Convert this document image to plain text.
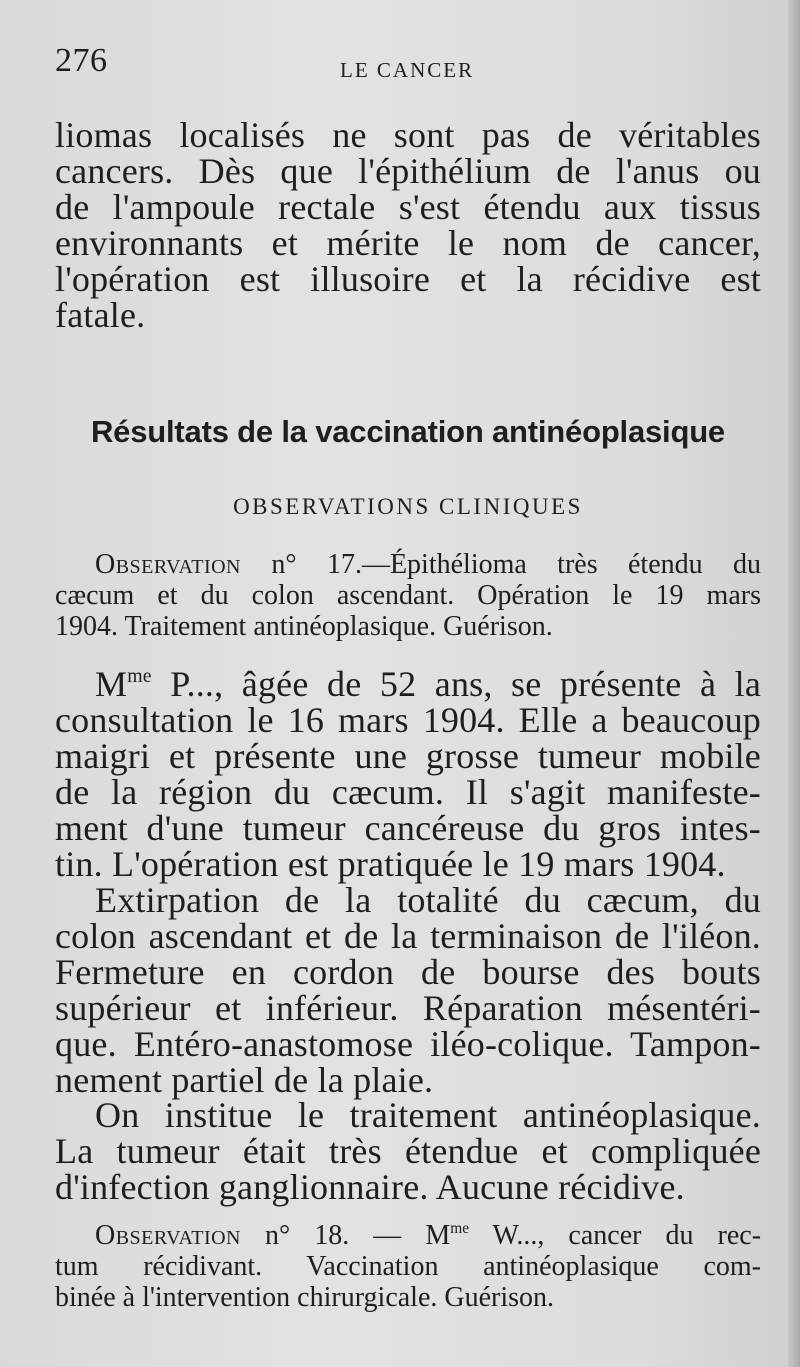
276	LE CANCER
liomas localisés ne sont pas de véritables
cancers. Dès que l'épithélium de l'anus ou
de l'ampoule rectale s'est étendu aux tissus
environnants et mérite le nom de cancer,
l'opération est illusoire et la récidive est
fatale.
Résultats de la vaccination antinéoplasique
OBSERVATIONS CLINIQUES
Observation n° 17.—Épithélioma très étendu du
cæcum et du colon ascendant. Opération le 19 mars
1904. Traitement antinéoplasique. Guérison.
$M^{me}$ P..., âgée de 52 ans, se présente à la
consultation le 16 mars 1904. Elle a beaucoup
maigri et présente une grosse tumeur mobile
de la région du cæcum. Il s'agit manifeste-
ment d'une tumeur cancéreuse du gros intes-
tin. L'opération est pratiquée le 19 mars 1904.
Extirpation de la totalité du cæcum, du
colon ascendant et de la terminaison de l'iléon.
Fermeture en cordon de bourse des bouts
supérieur et inférieur. Réparation mésentéri-
que. Entéro-anastomose iléo-colique. Tampon-
nement partiel de la plaie.
On institue le traitement antinéoplasique.
La tumeur était très étendue et compliquée
d'infection ganglionnaire. Aucune récidive.
Observation n° 18. — $M^{me}$ W..., cancer du rec-
tum récidivant. Vaccination antinéoplasique com-
binée à l'intervention chirurgicale. Guérison.
